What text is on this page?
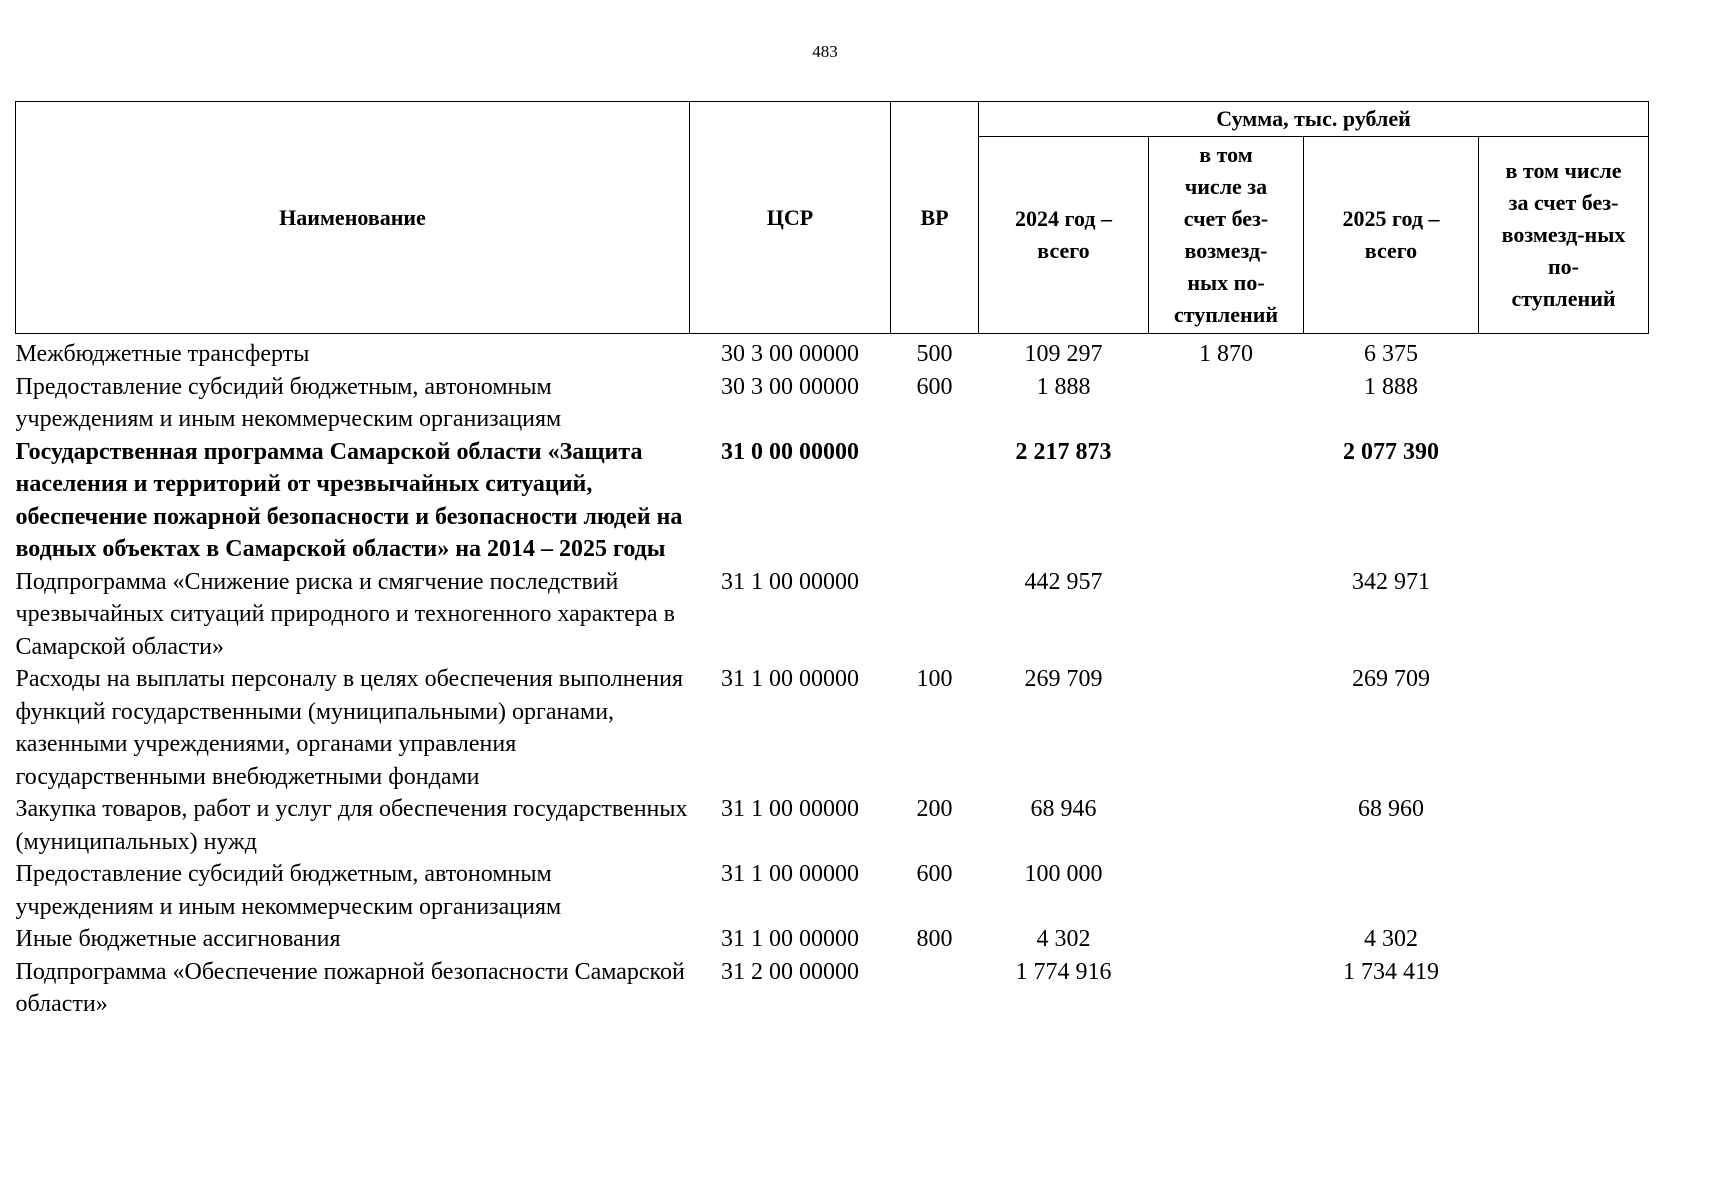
483
Наименование	ЦСР	ВР	Сумма, тыс. рублей			
			2024 год – всего	в том числе за счет без-возмезд-ных по-ступлений	2025 год – всего	в том числе за счет без-возмезд-ных по-ступлений
Межбюджетные трансферты	30 3 00 00000	500	109 297	1 870	6 375	
Предоставление субсидий бюджетным, автономным учреждениям и иным некоммерческим организациям	30 3 00 00000	600	1 888		1 888	
Государственная программа Самарской области «Защита населения и территорий от чрезвычайных ситуаций, обеспечение пожарной безопасности и безопасности людей на водных объектах в Самарской области» на 2014 – 2025 годы	31 0 00 00000		2 217 873		2 077 390	
Подпрограмма «Снижение риска и смягчение последствий чрезвычайных ситуаций природного и техногенного характера в Самарской области»	31 1 00 00000		442 957		342 971	
Расходы на выплаты персоналу в целях обеспечения выполнения функций государственными (муниципальными) органами, казенными учреждениями, органами управления государственными внебюджетными фондами	31 1 00 00000	100	269 709		269 709	
Закупка товаров, работ и услуг для обеспечения государственных (муниципальных) нужд	31 1 00 00000	200	68 946		68 960	
Предоставление субсидий бюджетным, автономным учреждениям и иным некоммерческим организациям	31 1 00 00000	600	100 000			
Иные бюджетные ассигнования	31 1 00 00000	800	4 302		4 302	
Подпрограмма «Обеспечение пожарной безопасности Самарской области»	31 2 00 00000		1 774 916		1 734 419	
